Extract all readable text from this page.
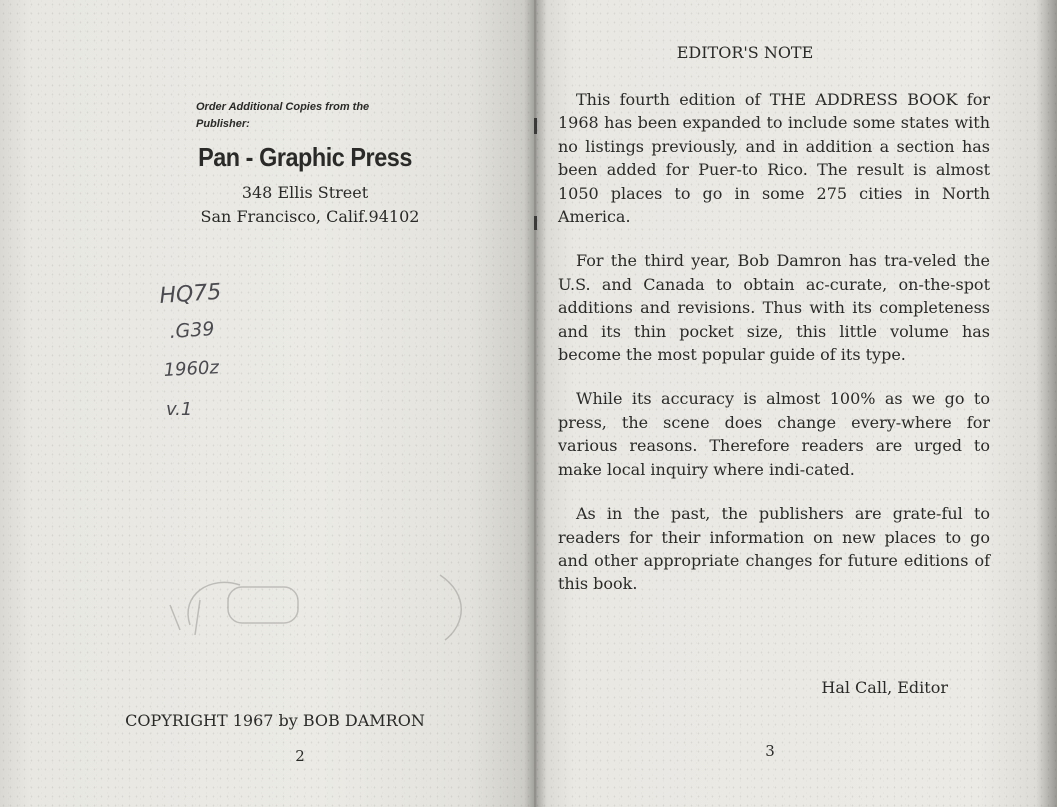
Order Additional Copies from the
Publisher:
Pan - Graphic Press
348 Ellis Street
San Francisco, Calif.94102
HQ75
.G39
1960z
v.1
COPYRIGHT 1967 by BOB DAMRON
2
EDITOR'S NOTE

This fourth edition of THE ADDRESS BOOK for 1968 has been expanded to include some states with no listings previously, and in addition a section has been added for Puer-to Rico. The result is almost 1050 places to go in some 275 cities in North America.

For the third year, Bob Damron has tra-veled the U.S. and Canada to obtain ac-curate, on-the-spot additions and revisions. Thus with its completeness and its thin pocket size, this little volume has become the most popular guide of its type.

While its accuracy is almost 100% as we go to press, the scene does change every-where for various reasons. Therefore readers are urged to make local inquiry where indi-cated.

As in the past, the publishers are grate-ful to readers for their information on new places to go and other appropriate changes for future editions of this book.

Hal Call, Editor
3
